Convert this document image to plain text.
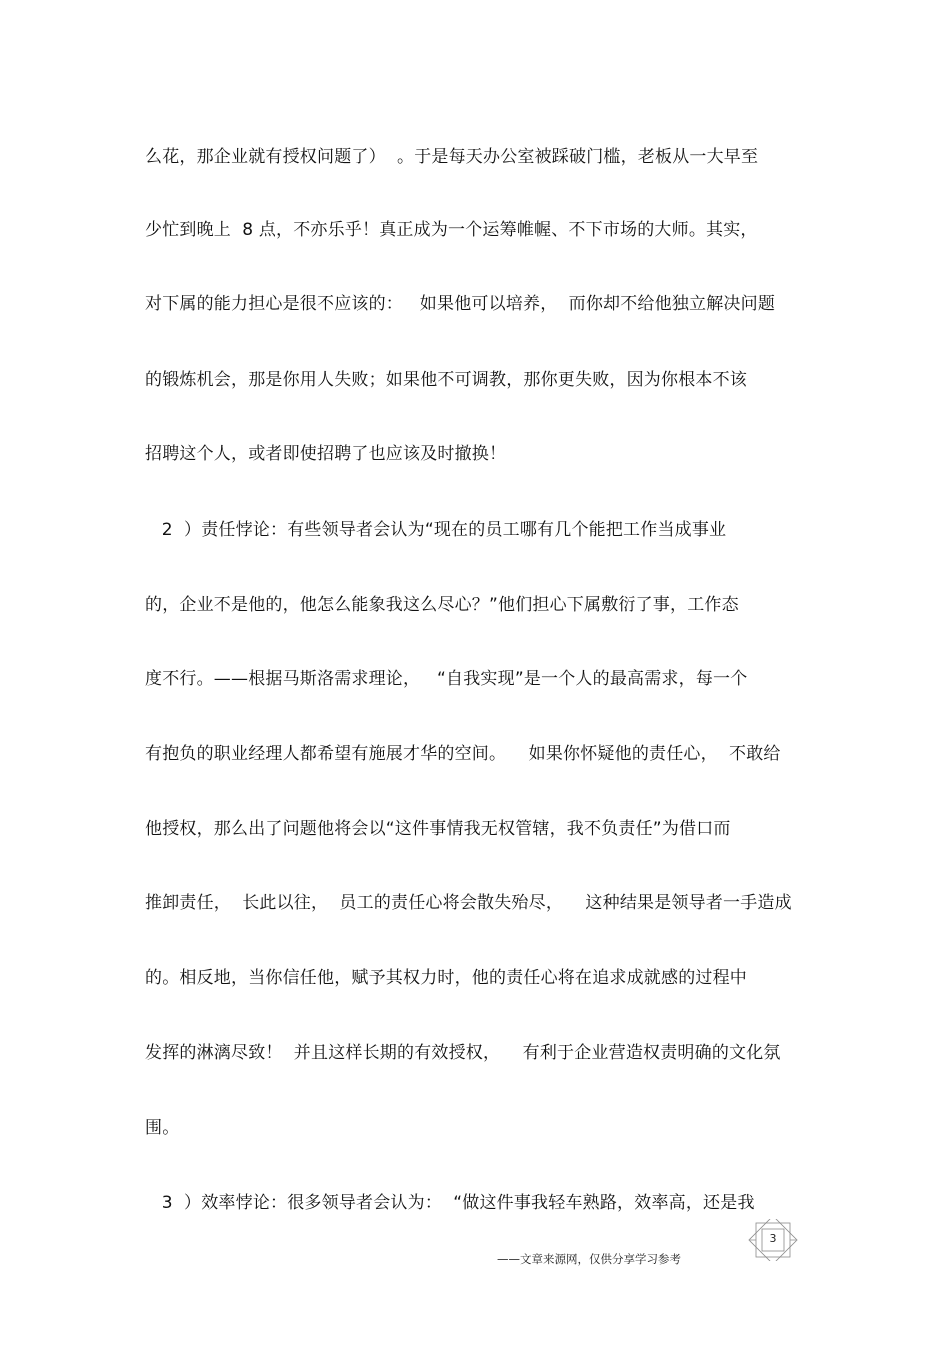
么花，那企业就有授权问题了）  。于是每天办公室被踩破门槛，老板从一大早至
少忙到晚上  8 点，不亦乐乎！真正成为一个运筹帷幄、不下市场的大师。其实，
对下属的能力担心是很不应该的：   如果他可以培养，  而你却不给他独立解决问题
的锻炼机会，那是你用人失败；如果他不可调教，那你更失败，因为你根本不该
招聘这个人，或者即使招聘了也应该及时撤换！
2  ）责任悖论：有些领导者会认为“现在的员工哪有几个能把工作当成事业
的，企业不是他的，他怎么能象我这么尽心？”他们担心下属敷衍了事，工作态
度不行。——根据马斯洛需求理论，   “自我实现”是一个人的最高需求，每一个
有抱负的职业经理人都希望有施展才华的空间。    如果你怀疑他的责任心，  不敢给
他授权，那么出了问题他将会以“这件事情我无权管辖，我不负责任”为借口而
推卸责任，  长此以往，  员工的责任心将会散失殆尽，    这种结果是领导者一手造成
的。相反地，当你信任他，赋予其权力时，他的责任心将在追求成就感的过程中
发挥的淋漓尽致！  并且这样长期的有效授权，    有利于企业营造权责明确的文化氛
围。
3  ）效率悖论：很多领导者会认为：  “做这件事我轻车熟路，效率高，还是我
3
——文章来源网，仅供分享学习参考
